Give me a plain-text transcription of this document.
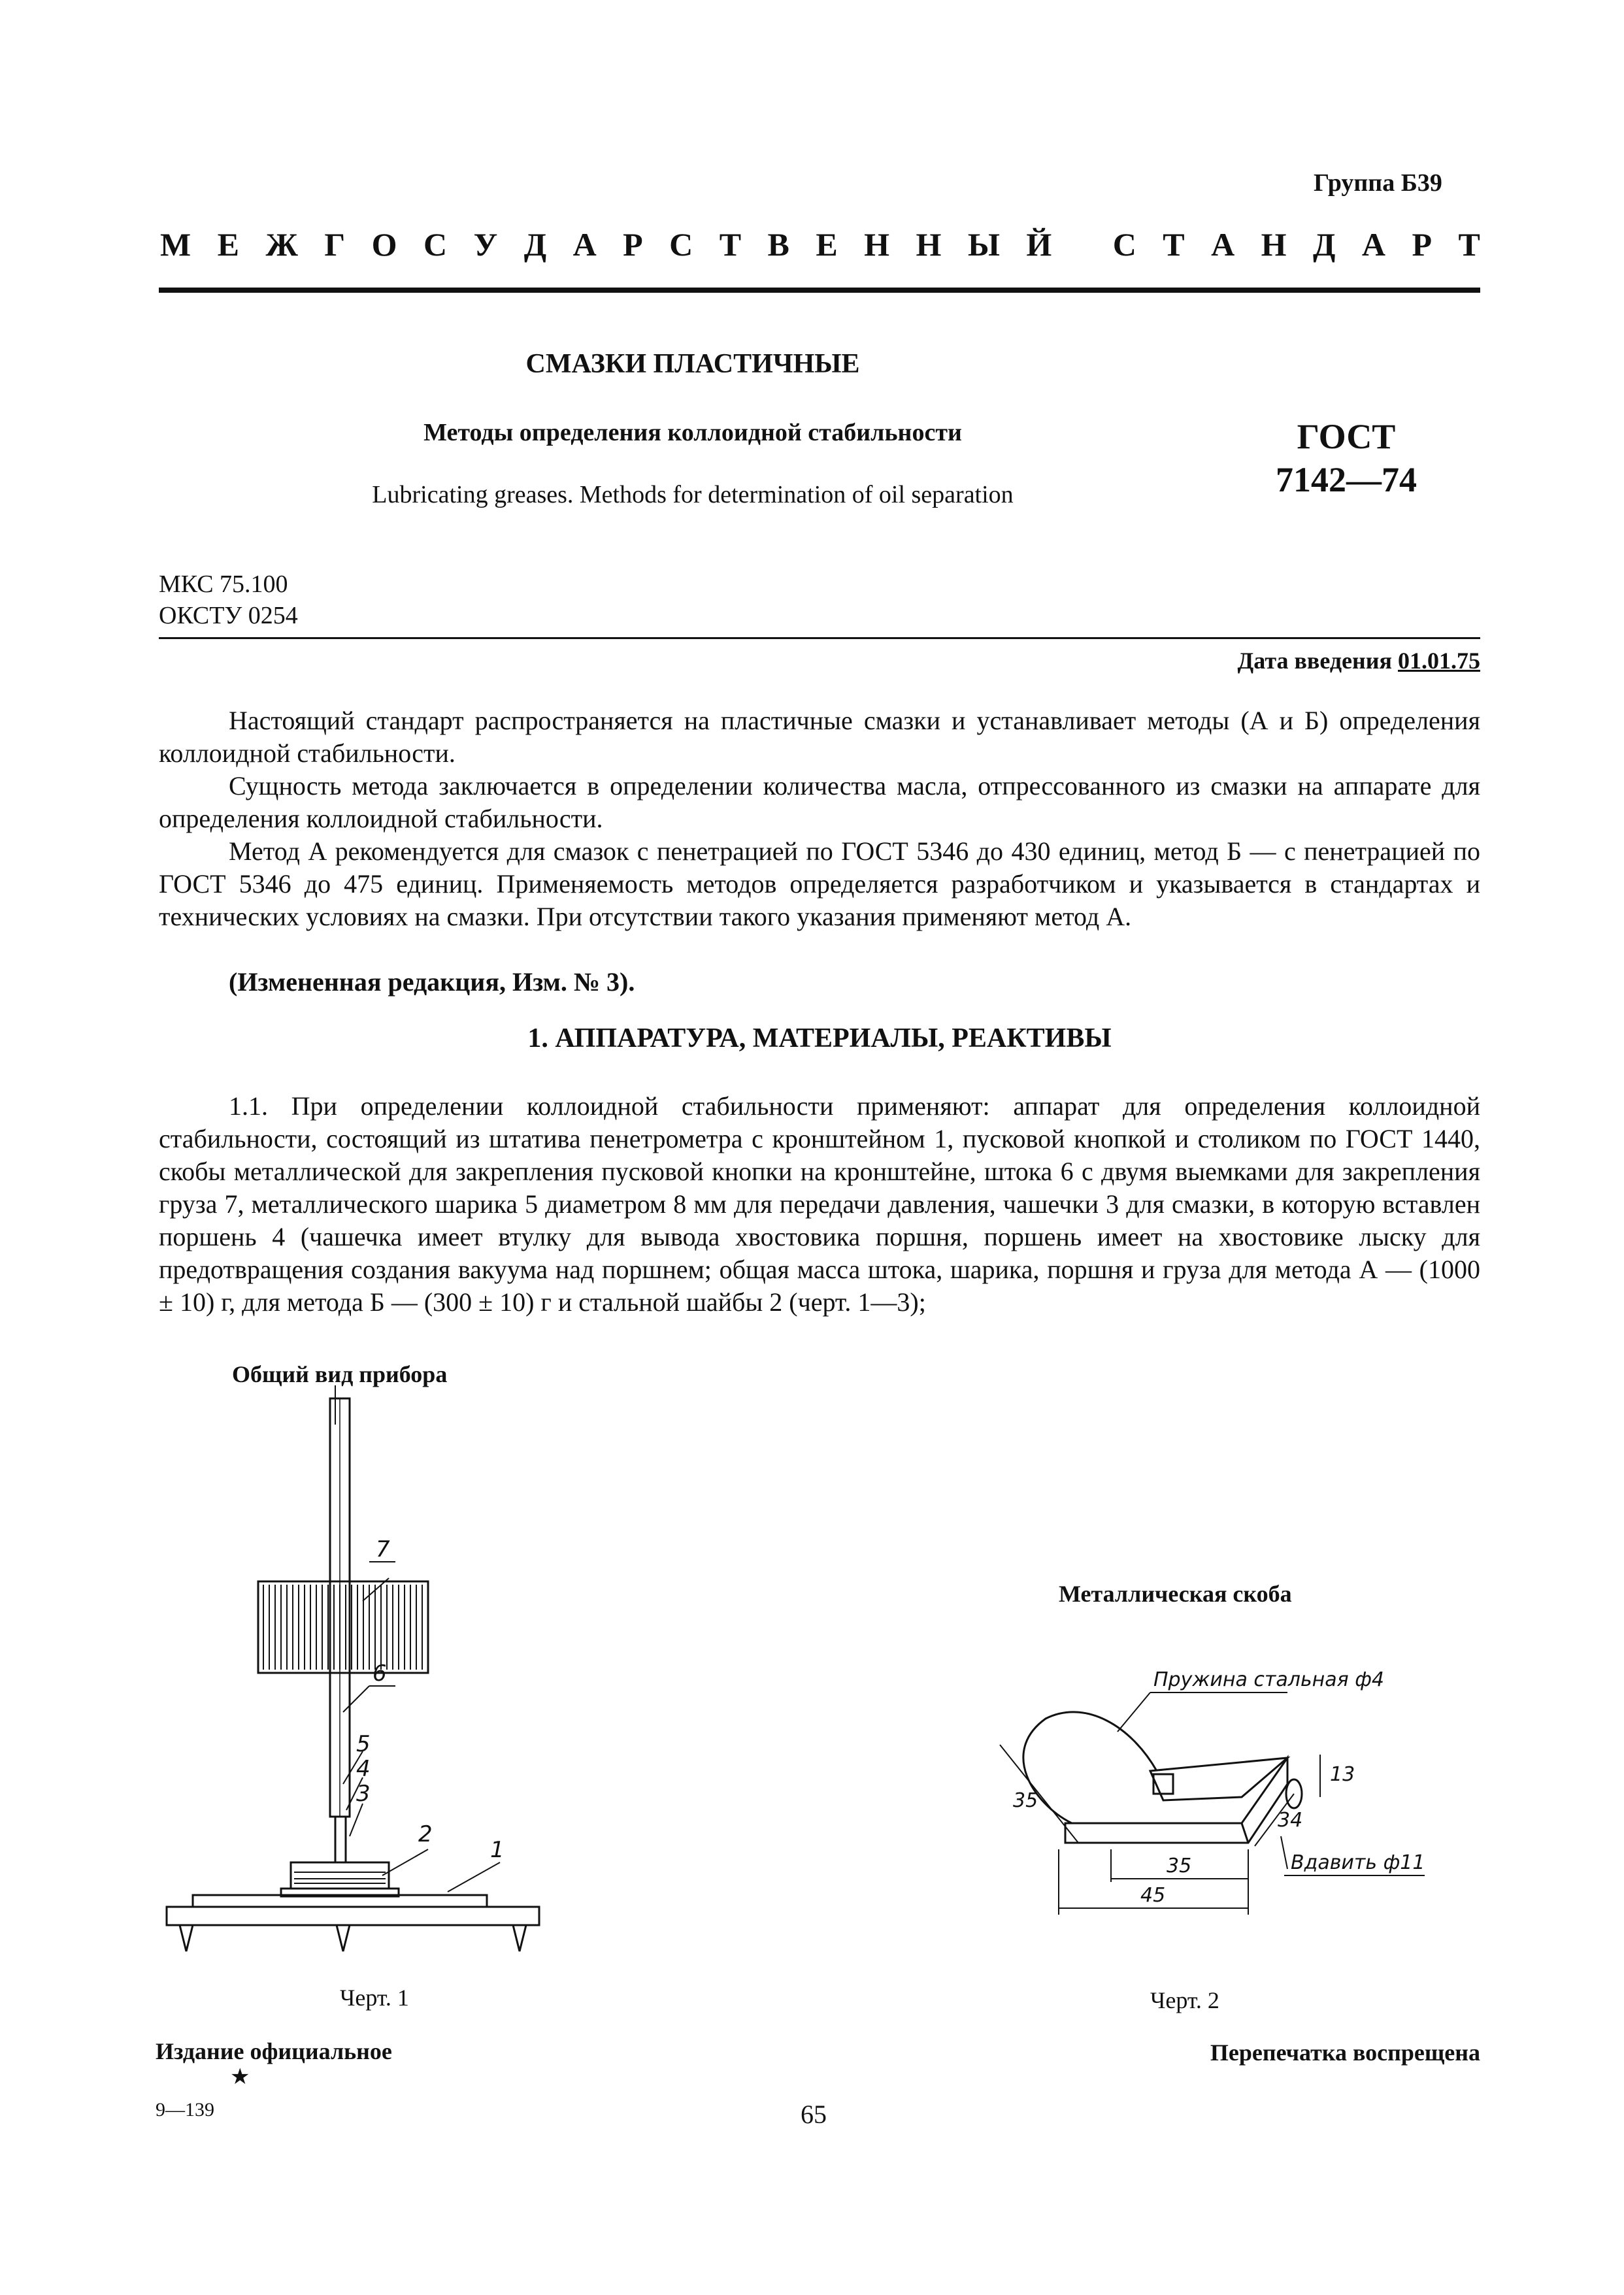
Группа Б39
М Е Ж Г О С У Д А Р С Т В Е Н Н Ы Й
С Т А Н Д А Р Т
СМАЗКИ ПЛАСТИЧНЫЕ
Методы определения коллоидной стабильности
Lubricating greases. Methods for determination of oil separation
ГОСТ
7142—74
МКС 75.100
ОКСТУ 0254
Дата введения 01.01.75
Настоящий стандарт распространяется на пластичные смазки и устанавливает методы (А и Б) определения коллоидной стабильности.
Сущность метода заключается в определении количества масла, отпрессованного из смазки на аппарате для определения коллоидной стабильности.
Метод А рекомендуется для смазок с пенетрацией по ГОСТ 5346 до 430 единиц, метод Б — с пенетрацией по ГОСТ 5346 до 475 единиц. Применяемость методов определяется разработчиком и указывается в стандартах и технических условиях на смазки. При отсутствии такого указания применяют метод А.
(Измененная редакция, Изм. № 3).
1. АППАРАТУРА, МАТЕРИАЛЫ, РЕАКТИВЫ
1.1. При определении коллоидной стабильности применяют: аппарат для определения коллоидной стабильности, состоящий из штатива пенетрометра с кронштейном 1, пусковой кнопкой и столиком по ГОСТ 1440, скобы металлической для закрепления пусковой кнопки на кронштейне, штока 6 с двумя выемками для закрепления груза 7, металлического шарика 5 диаметром 8 мм для передачи давления, чашечки 3 для смазки, в которую вставлен поршень 4 (чашечка имеет втулку для вывода хвостовика поршня, поршень имеет на хвостовике лыску для предотвращения создания вакуума над поршнем; общая масса штока, шарика, поршня и груза для метода А — (1000 ± 10) г, для метода Б — (300 ± 10) г и стальной шайбы 2 (черт. 1—3);
Общий вид прибора
7
6
5
4
3
2
1
Черт. 1
Металлическая скоба
Пружина стальная ф4
13
34
35
35
45
Вдавить ф11
Черт. 2
Издание официальное
★
Перепечатка воспрещена
9—139	65
